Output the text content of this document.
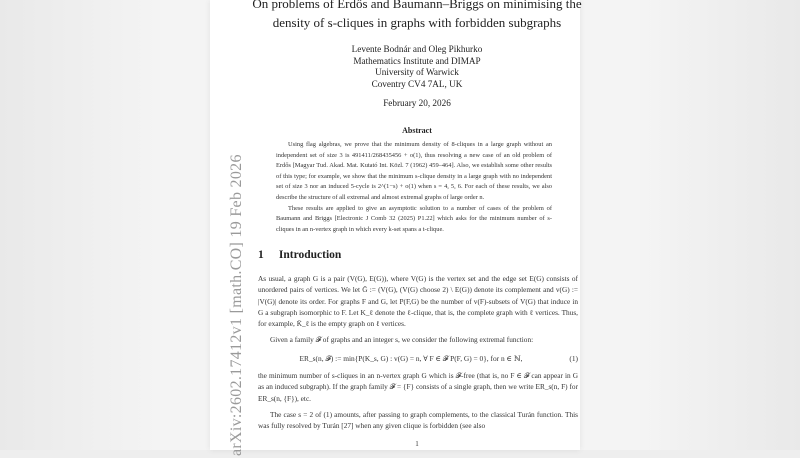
arXiv:2602.17412v1 [math.CO] 19 Feb 2026
On problems of Erdős and Baumann–Briggs on minimising the density of s-cliques in graphs with forbidden subgraphs
Levente Bodnár and Oleg Pikhurko
Mathematics Institute and DIMAP
University of Warwick
Coventry CV4 7AL, UK
February 20, 2026
Abstract

Using flag algebras, we prove that the minimum density of 8-cliques in a large graph without an independent set of size 3 is 491411/268435456 + o(1), thus resolving a new case of an old problem of Erdős [Magyar Tud. Akad. Mat. Kutató Int. Közl. 7 (1962) 459–464]. Also, we establish some other results of this type; for example, we show that the minimum s-clique density in a large graph with no independent set of size 3 nor an induced 5-cycle is 2^(1−s) + o(1) when s = 4, 5, 6. For each of these results, we also describe the structure of all extremal and almost extremal graphs of large order n.

These results are applied to give an asymptotic solution to a number of cases of the problem of Baumann and Briggs [Electronic J Comb 32 (2025) P1.22] which asks for the minimum number of s-cliques in an n-vertex graph in which every k-set spans a t-clique.

1 Introduction

As usual, a graph G is a pair (V(G), E(G)), where V(G) is the vertex set and the edge set E(G) consists of unordered pairs of vertices. We let Ḡ := (V(G), (V(G) choose 2) \ E(G)) denote its complement and v(G) := |V(G)| denote its order. For graphs F and G, let P(F,G) be the number of v(F)-subsets of V(G) that induce in G a subgraph isomorphic to F. Let K_ℓ denote the ℓ-clique, that is, the complete graph with ℓ vertices. Thus, for example, K̄_ℓ is the empty graph on ℓ vertices.

Given a family 𝓕 of graphs and an integer s, we consider the following extremal function:

ER_s(n, 𝓕) := min{P(K_s, G) : v(G) = n, ∀ F ∈ 𝓕 P(F, G) = 0}, for n ∈ ℕ,	(1)

the minimum number of s-cliques in an n-vertex graph G which is 𝓕-free (that is, no F ∈ 𝓕 can appear in G as an induced subgraph). If the graph family 𝓕 = {F} consists of a single graph, then we write ER_s(n, F) for ER_s(n, {F}), etc.

The case s = 2 of (1) amounts, after passing to graph complements, to the classical Turán function. This was fully resolved by Turán [27] when any given clique is forbidden (see also

1
